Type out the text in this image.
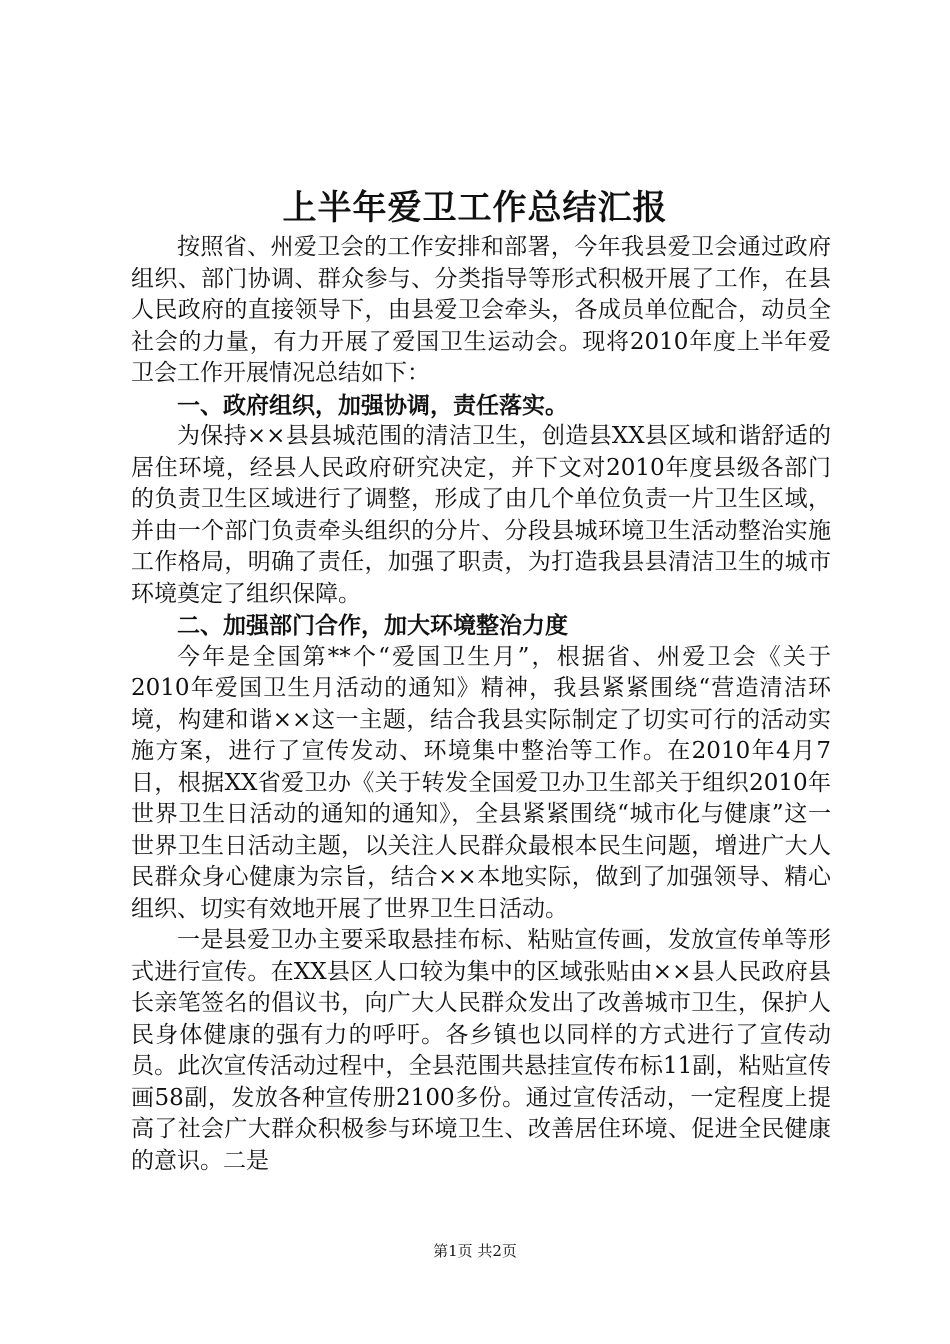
上半年爱卫工作总结汇报

按照省、州爱卫会的工作安排和部署，今年我县爱卫会通过政府组织、部门协调、群众参与、分类指导等形式积极开展了工作，在县人民政府的直接领导下，由县爱卫会牵头，各成员单位配合，动员全社会的力量，有力开展了爱国卫生运动会。现将2010年度上半年爱卫会工作开展情况总结如下：

一、政府组织，加强协调，责任落实。

为保持××县县城范围的清洁卫生，创造县XX县区域和谐舒适的居住环境，经县人民政府研究决定，并下文对2010年度县级各部门的负责卫生区域进行了调整，形成了由几个单位负责一片卫生区域，并由一个部门负责牵头组织的分片、分段县城环境卫生活动整治实施工作格局，明确了责任，加强了职责，为打造我县县清洁卫生的城市环境奠定了组织保障。

二、加强部门合作，加大环境整治力度

今年是全国第**个“爱国卫生月”，根据省、州爱卫会《关于2010年爱国卫生月活动的通知》精神，我县紧紧围绕“营造清洁环境，构建和谐××这一主题，结合我县实际制定了切实可行的活动实施方案，进行了宣传发动、环境集中整治等工作。在2010年4月7日，根据XX省爱卫办《关于转发全国爱卫办卫生部关于组织2010年世界卫生日活动的通知的通知》，全县紧紧围绕“城市化与健康”这一世界卫生日活动主题，以关注人民群众最根本民生问题，增进广大人民群众身心健康为宗旨，结合××本地实际，做到了加强领导、精心组织、切实有效地开展了世界卫生日活动。

一是县爱卫办主要采取悬挂布标、粘贴宣传画，发放宣传单等形式进行宣传。在XX县区人口较为集中的区域张贴由××县人民政府县长亲笔签名的倡议书，向广大人民群众发出了改善城市卫生，保护人民身体健康的强有力的呼吁。各乡镇也以同样的方式进行了宣传动员。此次宣传活动过程中，全县范围共悬挂宣传布标11副，粘贴宣传画58副，发放各种宣传册2100多份。通过宣传活动，一定程度上提高了社会广大群众积极参与环境卫生、改善居住环境、促进全民健康的意识。二是

第1页 共2页
